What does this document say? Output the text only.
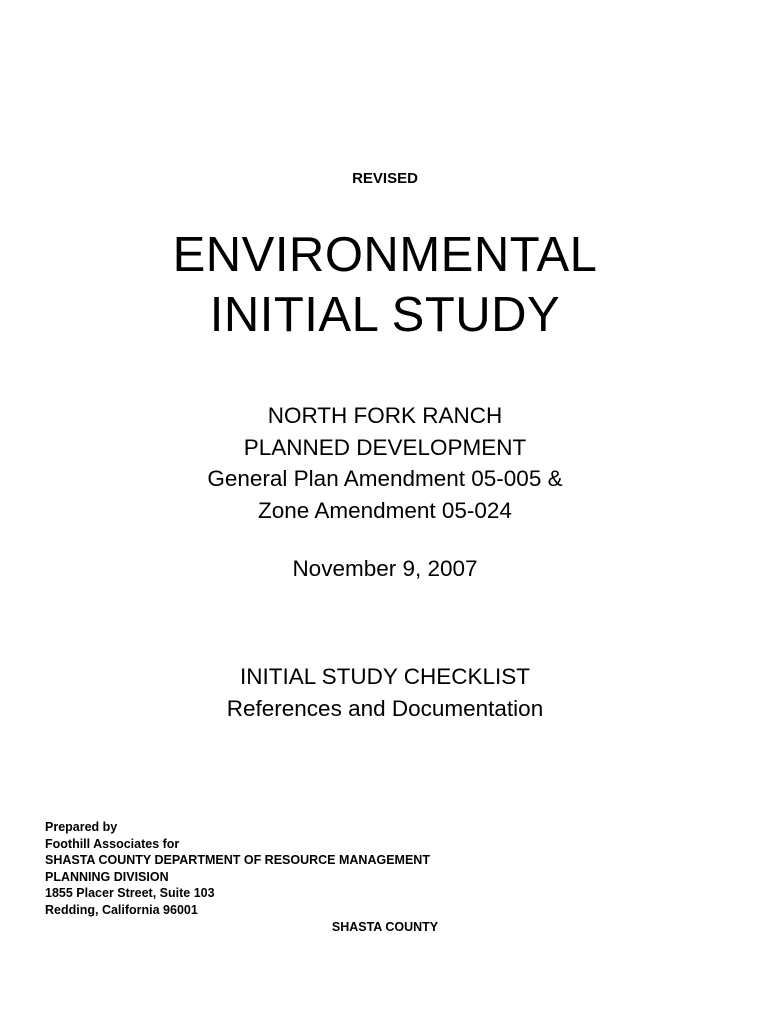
REVISED
ENVIRONMENTAL
INITIAL STUDY
NORTH FORK RANCH
PLANNED DEVELOPMENT
General Plan Amendment 05-005 &
Zone Amendment 05-024
November 9, 2007
INITIAL STUDY CHECKLIST
References and Documentation
Prepared by
Foothill Associates for
SHASTA COUNTY DEPARTMENT OF RESOURCE MANAGEMENT
PLANNING DIVISION
1855 Placer Street, Suite 103
Redding, California 96001
SHASTA COUNTY
